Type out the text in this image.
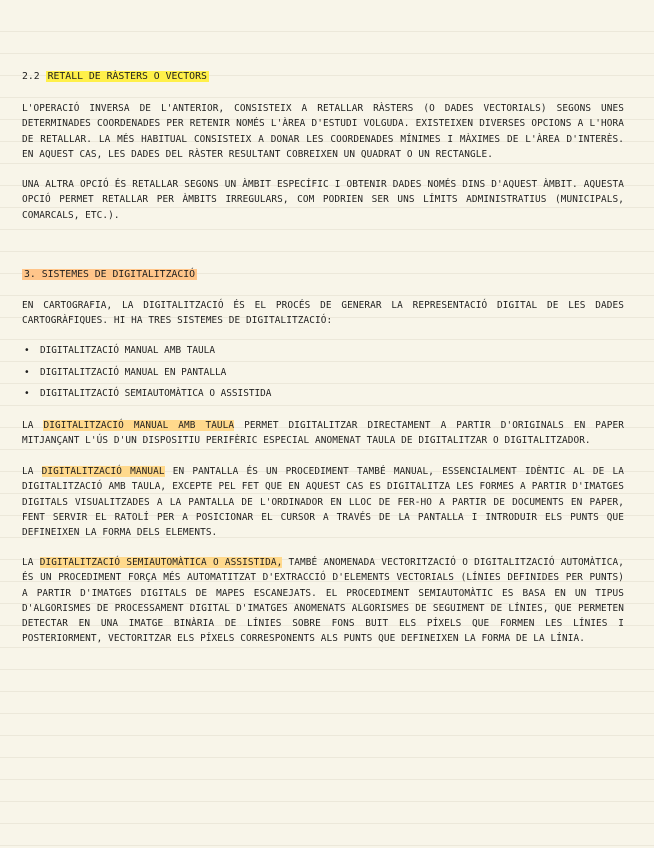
2.2 RETALL DE RÀSTERS O VECTORS

L'OPERACIÓ INVERSA DE L'ANTERIOR, CONSISTEIX A RETALLAR RÀSTERS (O DADES VECTORIALS) SEGONS UNES DETERMINADES COORDENADES PER RETENIR NOMÉS L'ÀREA D'ESTUDI VOLGUDA. EXISTEIXEN DIVERSES OPCIONS A L'HORA DE RETALLAR. LA MÉS HABITUAL CONSISTEIX A DONAR LES COORDENADES MÍNIMES I MÀXIMES DE L'ÀREA D'INTERÈS. EN AQUEST CAS, LES DADES DEL RÀSTER RESULTANT COBREIXEN UN QUADRAT O UN RECTANGLE.

UNA ALTRA OPCIÓ ÉS RETALLAR SEGONS UN ÀMBIT ESPECÍFIC I OBTENIR DADES NOMÉS DINS D'AQUEST ÀMBIT. AQUESTA OPCIÓ PERMET RETALLAR PER ÀMBITS IRREGULARS, COM PODRIEN SER UNS LÍMITS ADMINISTRATIUS (MUNICIPALS, COMARCALS, ETC.).

3. SISTEMES DE DIGITALITZACIÓ

EN CARTOGRAFIA, LA DIGITALITZACIÓ ÉS EL PROCÉS DE GENERAR LA REPRESENTACIÓ DIGITAL DE LES DADES CARTOGRÀFIQUES. HI HA TRES SISTEMES DE DIGITALITZACIÓ:

• DIGITALITZACIÓ MANUAL AMB TAULA
• DIGITALITZACIÓ MANUAL EN PANTALLA
• DIGITALITZACIÓ SEMIAUTOMÀTICA O ASSISTIDA

LA DIGITALITZACIÓ MANUAL AMB TAULA PERMET DIGITALITZAR DIRECTAMENT A PARTIR D'ORIGINALS EN PAPER MITJANÇANT L'ÚS D'UN DISPOSITIU PERIFÈRIC ESPECIAL ANOMENAT TAULA DE DIGITALITZAR O DIGITALITZADOR.

LA DIGITALITZACIÓ MANUAL EN PANTALLA ÉS UN PROCEDIMENT TAMBÉ MANUAL, ESSENCIALMENT IDÈNTIC AL DE LA DIGITALITZACIÓ AMB TAULA, EXCEPTE PEL FET QUE EN AQUEST CAS ES DIGITALITZA LES FORMES A PARTIR D'IMATGES DIGITALS VISUALITZADES A LA PANTALLA DE L'ORDINADOR EN LLOC DE FER-HO A PARTIR DE DOCUMENTS EN PAPER, FENT SERVIR EL RATOLÍ PER A POSICIONAR EL CURSOR A TRAVÉS DE LA PANTALLA I INTRODUIR ELS PUNTS QUE DEFINEIXEN LA FORMA DELS ELEMENTS.

LA DIGITALITZACIÓ SEMIAUTOMÀTICA O ASSISTIDA, TAMBÉ ANOMENADA VECTORITZACIÓ O DIGITALITZACIÓ AUTOMÀTICA, ÉS UN PROCEDIMENT FORÇA MÉS AUTOMATITZAT D'EXTRACCIÓ D'ELEMENTS VECTORIALS (LÍNIES DEFINIDES PER PUNTS) A PARTIR D'IMATGES DIGITALS DE MAPES ESCANEJATS. EL PROCEDIMENT SEMIAUTOMÀTIC ES BASA EN UN TIPUS D'ALGORISMES DE PROCESSAMENT DIGITAL D'IMATGES ANOMENATS ALGORISMES DE SEGUIMENT DE LÍNIES, QUE PERMETEN DETECTAR EN UNA IMATGE BINÀRIA DE LÍNIES SOBRE FONS BUIT ELS PÍXELS QUE FORMEN LES LÍNIES I POSTERIORMENT, VECTORITZAR ELS PÍXELS CORRESPONENTS ALS PUNTS QUE DEFINEIXEN LA FORMA DE LA LÍNIA.
